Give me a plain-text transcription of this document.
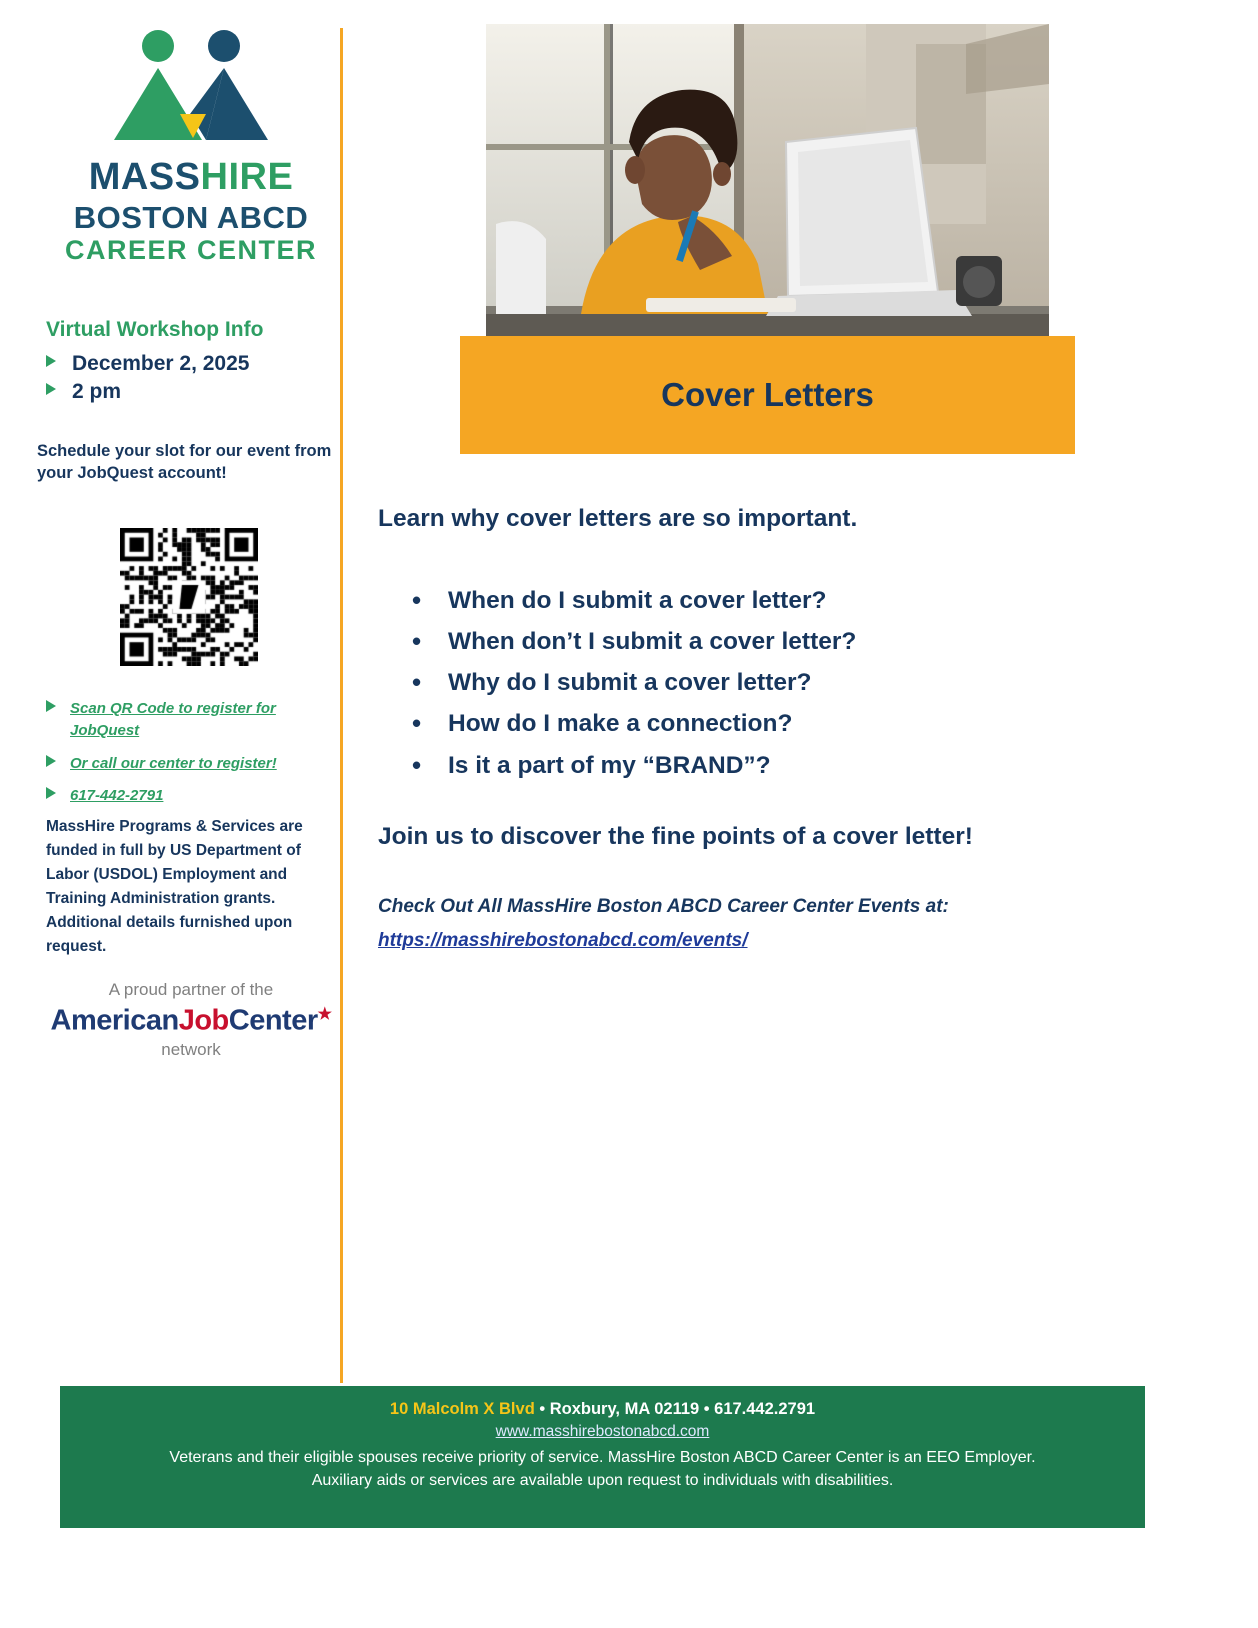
MASSHIRE
BOSTON ABCD
CAREER CENTER
Virtual Workshop Info
December 2, 2025
2 pm
Schedule your slot for our event from your JobQuest account!
Scan QR Code to register for JobQuest
Or call our center to register!
617-442-2791
MassHire Programs & Services are funded in full by US Department of Labor (USDOL) Employment and Training Administration grants. Additional details furnished upon request.
A proud partner of the
AmericanJobCenter★
network
Cover Letters
Learn why cover letters are so important.
• When do I submit a cover letter?
• When don’t I submit a cover letter?
• Why do I submit a cover letter?
• How do I make a connection?
• Is it a part of my “BRAND”?
Join us to discover the fine points of a cover letter!
Check Out All MassHire Boston ABCD Career Center Events at:
https://masshirebostonabcd.com/events/
10 Malcolm X Blvd • Roxbury, MA 02119 • 617.442.2791
www.masshirebostonabcd.com
Veterans and their eligible spouses receive priority of service. MassHire Boston ABCD Career Center is an EEO Employer.
Auxiliary aids or services are available upon request to individuals with disabilities.
